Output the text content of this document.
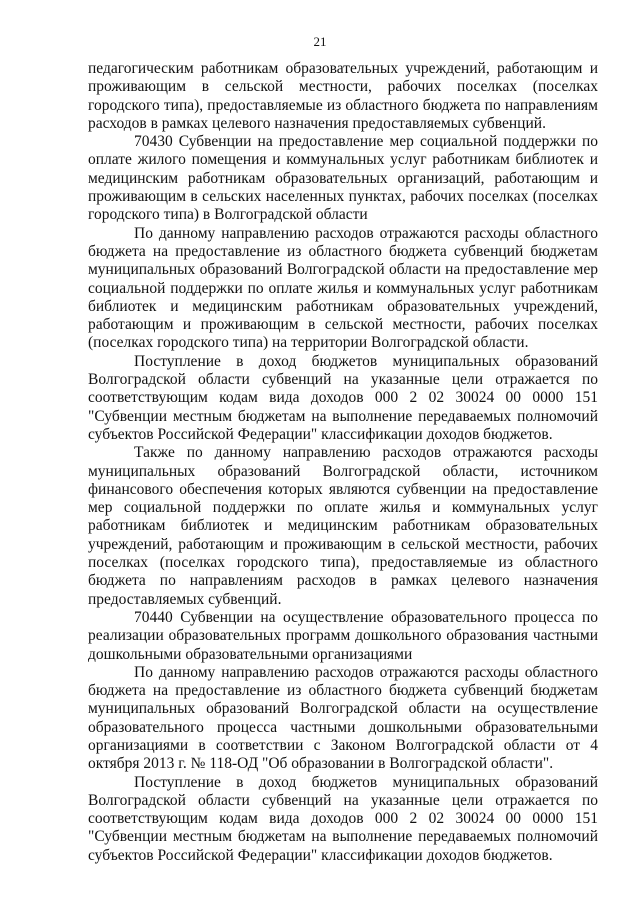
21

педагогическим работникам образовательных учреждений, работающим и проживающим в сельской местности, рабочих поселках (поселках городского типа), предоставляемые из областного бюджета по направлениям расходов в рамках целевого назначения предоставляемых субвенций.

70430 Субвенции на предоставление мер социальной поддержки по оплате жилого помещения и коммунальных услуг работникам библиотек и медицинским работникам образовательных организаций, работающим и проживающим в сельских населенных пунктах, рабочих поселках (поселках городского типа) в Волгоградской области

По данному направлению расходов отражаются расходы областного бюджета на предоставление из областного бюджета субвенций бюджетам муниципальных образований Волгоградской области на предоставление мер социальной поддержки по оплате жилья и коммунальных услуг работникам библиотек и медицинским работникам образовательных учреждений, работающим и проживающим в сельской местности, рабочих поселках (поселках городского типа) на территории Волгоградской области.

Поступление в доход бюджетов муниципальных образований Волгоградской области субвенций на указанные цели отражается по соответствующим кодам вида доходов 000 2 02 30024 00 0000 151 "Субвенции местным бюджетам на выполнение передаваемых полномочий субъектов Российской Федерации" классификации доходов бюджетов.

Также по данному направлению расходов отражаются расходы муниципальных образований Волгоградской области, источником финансового обеспечения которых являются субвенции на предоставление мер социальной поддержки по оплате жилья и коммунальных услуг работникам библиотек и медицинским работникам образовательных учреждений, работающим и проживающим в сельской местности, рабочих поселках (поселках городского типа), предоставляемые из областного бюджета по направлениям расходов в рамках целевого назначения предоставляемых субвенций.

70440 Субвенции на осуществление образовательного процесса по реализации образовательных программ дошкольного образования частными дошкольными образовательными организациями

По данному направлению расходов отражаются расходы областного бюджета на предоставление из областного бюджета субвенций бюджетам муниципальных образований Волгоградской области на осуществление образовательного процесса частными дошкольными образовательными организациями в соответствии с Законом Волгоградской области от 4 октября 2013 г. № 118-ОД "Об образовании в Волгоградской области".

Поступление в доход бюджетов муниципальных образований Волгоградской области субвенций на указанные цели отражается по соответствующим кодам вида доходов 000 2 02 30024 00 0000 151 "Субвенции местным бюджетам на выполнение передаваемых полномочий субъектов Российской Федерации" классификации доходов бюджетов.
